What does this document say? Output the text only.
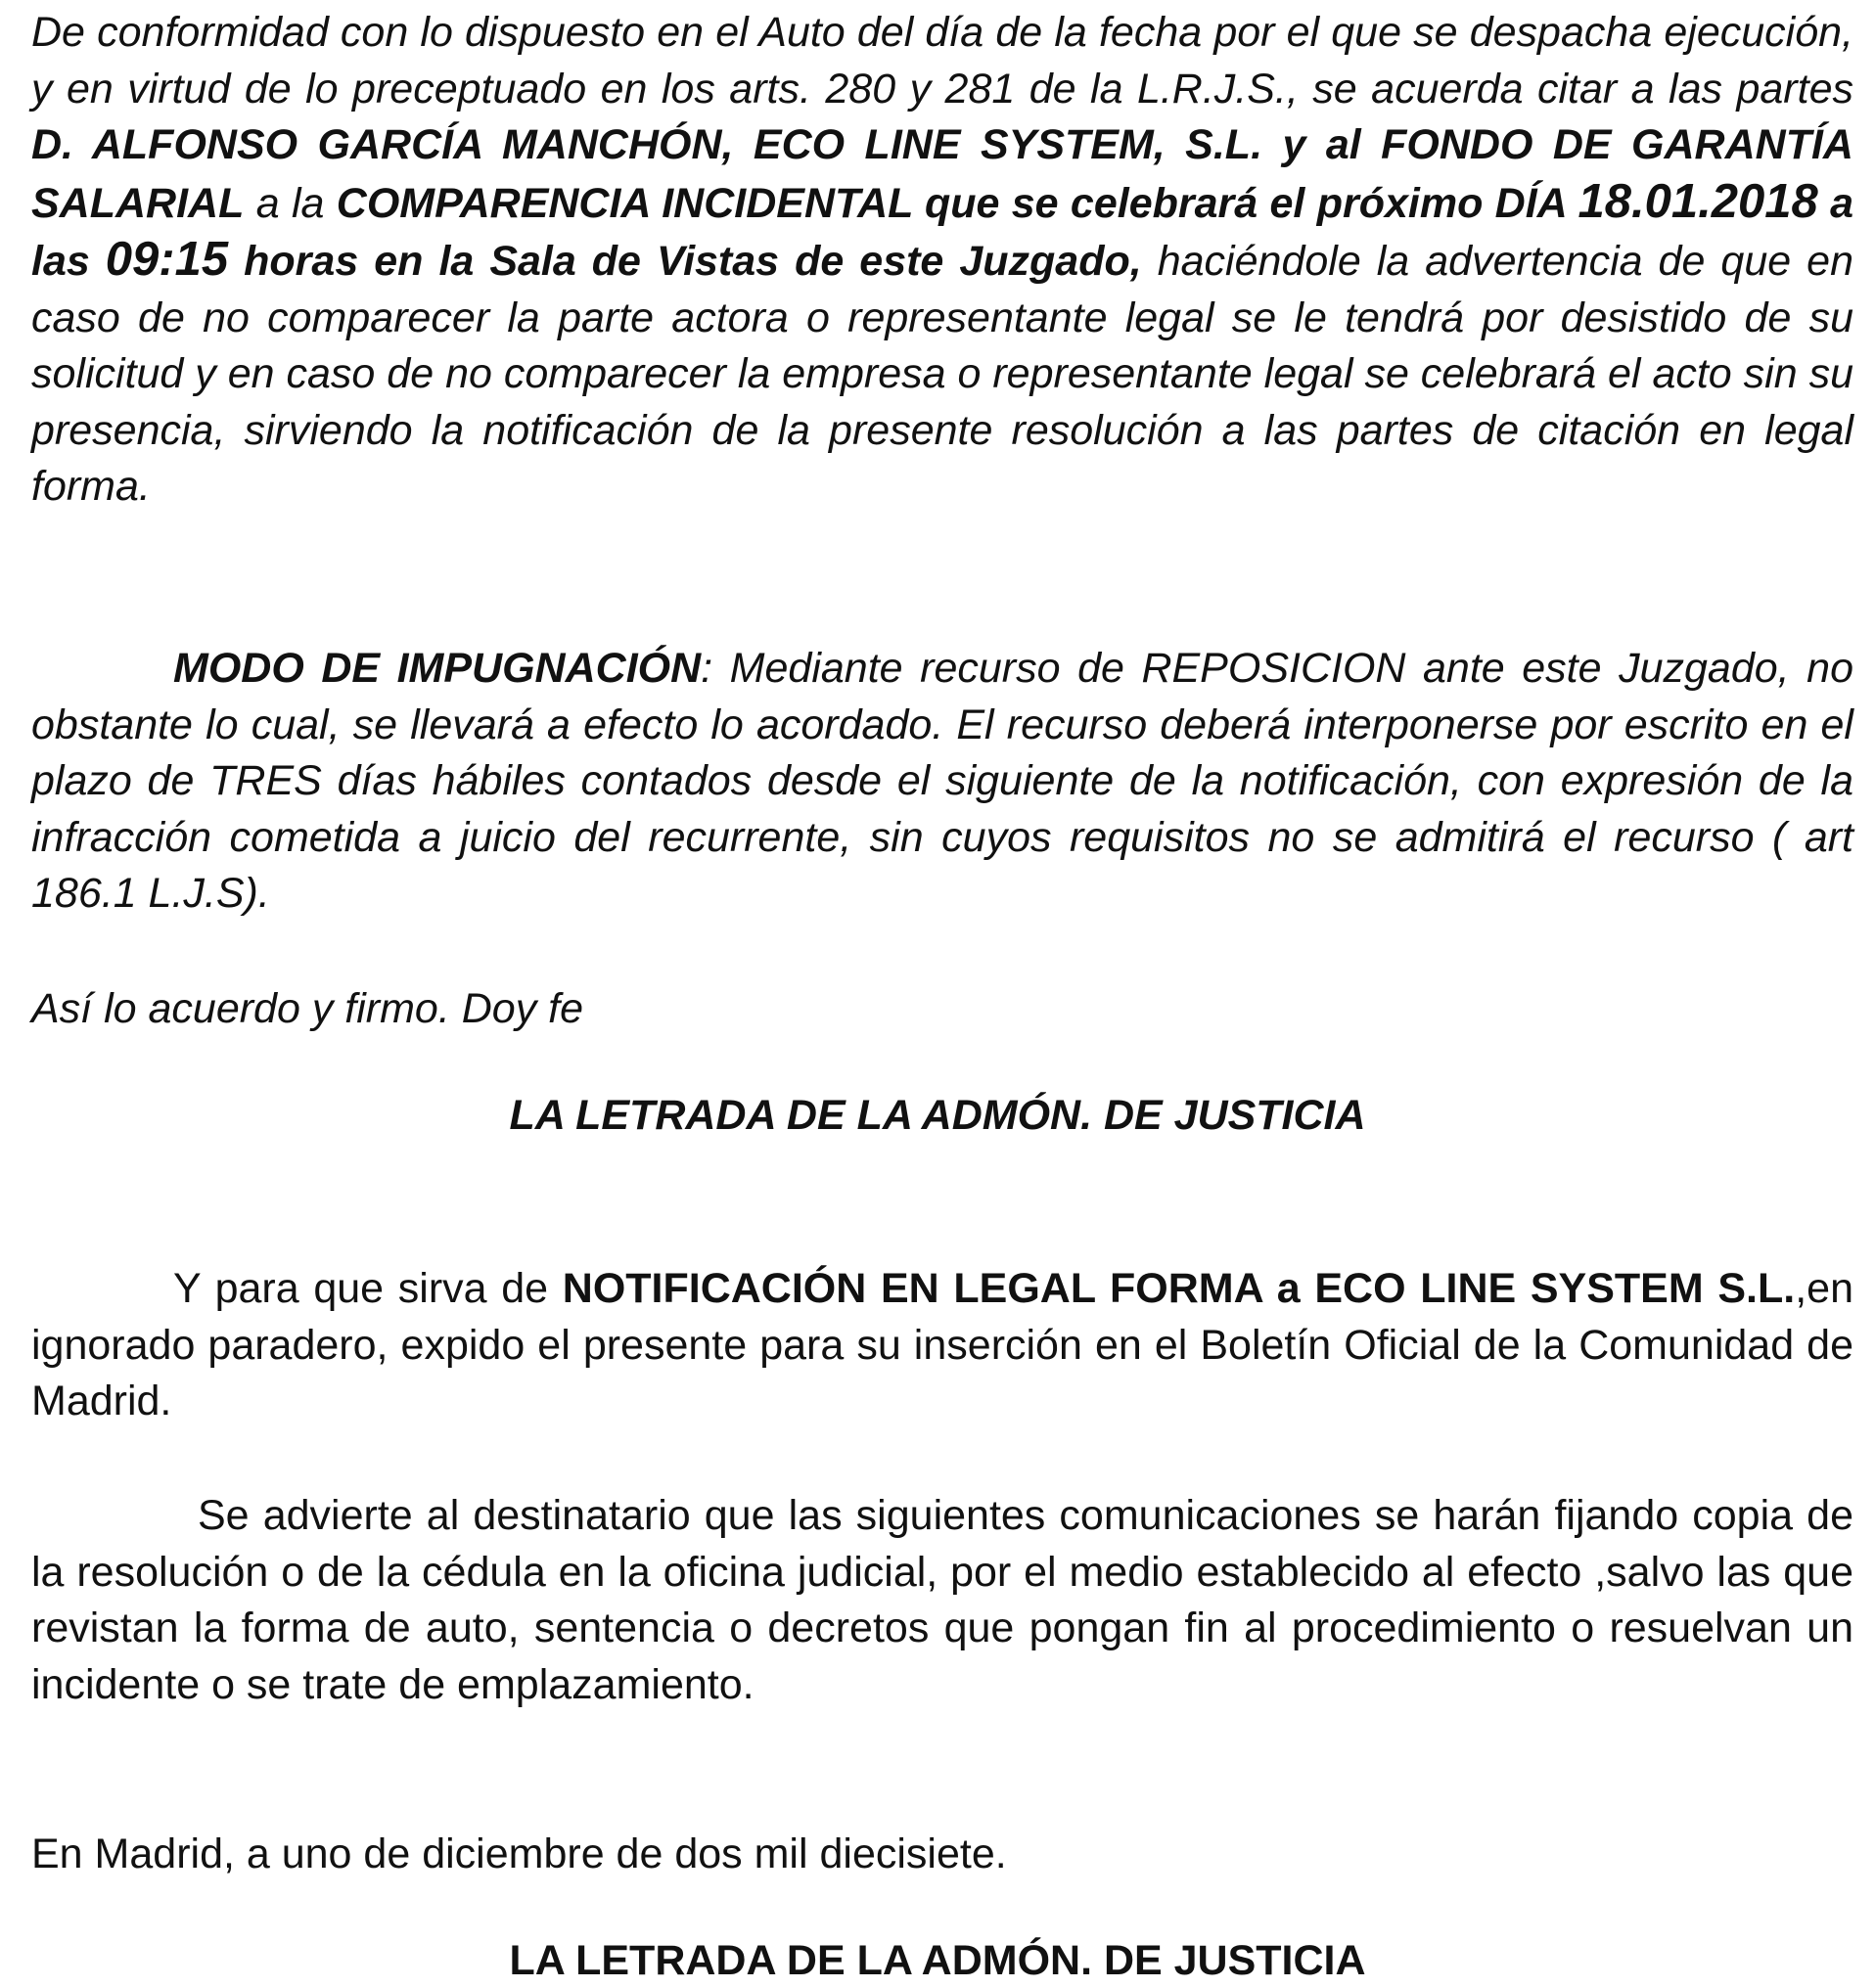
De conformidad con lo dispuesto en el Auto del día de la fecha por el que se despacha ejecución, y en virtud de lo preceptuado en los arts. 280 y 281 de la L.R.J.S., se acuerda citar a las partes D. ALFONSO GARCÍA MANCHÓN, ECO LINE SYSTEM, S.L. y al FONDO DE GARANTÍA SALARIAL a la COMPARENCIA INCIDENTAL que se celebrará el próximo DÍA 18.01.2018 a las 09:15 horas en la Sala de Vistas de este Juzgado, haciéndole la advertencia de que en caso de no comparecer la parte actora o representante legal se le tendrá por desistido de su solicitud y en caso de no comparecer la empresa o representante legal se celebrará el acto sin su presencia, sirviendo la notificación de la presente resolución a las partes de citación en legal forma.

MODO DE IMPUGNACIÓN: Mediante recurso de REPOSICION ante este Juzgado, no obstante lo cual, se llevará a efecto lo acordado. El recurso deberá interponerse por escrito en el plazo de TRES días hábiles contados desde el siguiente de la notificación, con expresión de la infracción cometida a juicio del recurrente, sin cuyos requisitos no se admitirá el recurso ( art 186.1 L.J.S).

Así lo acuerdo y firmo. Doy fe

LA LETRADA DE LA ADMÓN. DE JUSTICIA

Y para que sirva de NOTIFICACIÓN EN LEGAL FORMA a ECO LINE SYSTEM S.L.,en ignorado paradero, expido el presente para su inserción en el Boletín Oficial de la Comunidad de Madrid.

Se advierte al destinatario que las siguientes comunicaciones se harán fijando copia de la resolución o de la cédula en la oficina judicial, por el medio establecido al efecto ,salvo las que revistan la forma de auto, sentencia o decretos que pongan fin al procedimiento o resuelvan un incidente o se trate de emplazamiento.

En Madrid, a uno de diciembre de dos mil diecisiete.

LA LETRADA DE LA ADMÓN. DE JUSTICIA
